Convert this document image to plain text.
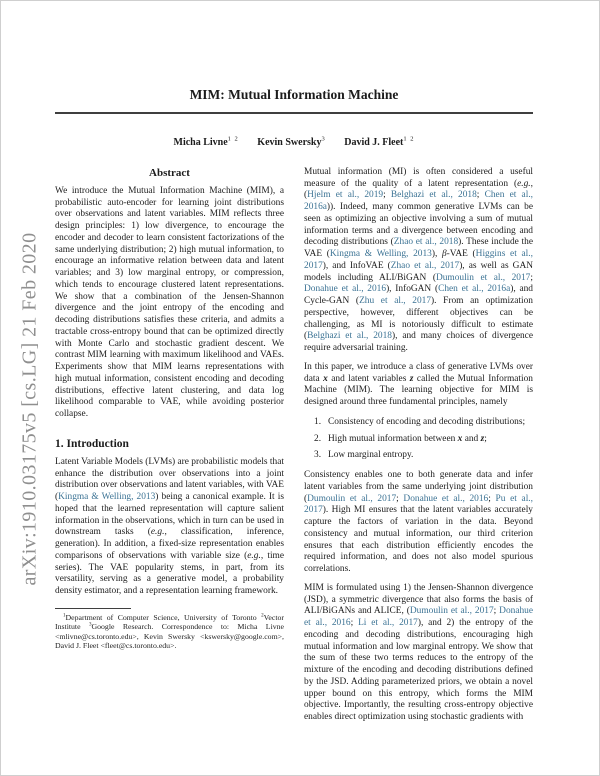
arXiv:1910.03175v5 [cs.LG] 21 Feb 2020
MIM: Mutual Information Machine
Micha Livne$^{1 2}$ Kevin Swersky$^3$ David J. Fleet$^{1 2}$
Abstract

We introduce the Mutual Information Machine (MIM), a probabilistic auto-encoder for learning joint distributions over observations and latent variables. MIM reflects three design principles: 1) low divergence, to encourage the encoder and decoder to learn consistent factorizations of the same underlying distribution; 2) high mutual information, to encourage an informative relation between data and latent variables; and 3) low marginal entropy, or compression, which tends to encourage clustered latent representations. We show that a combination of the Jensen-Shannon divergence and the joint entropy of the encoding and decoding distributions satisfies these criteria, and admits a tractable cross-entropy bound that can be optimized directly with Monte Carlo and stochastic gradient descent. We contrast MIM learning with maximum likelihood and VAEs. Experiments show that MIM learns representations with high mutual information, consistent encoding and decoding distributions, effective latent clustering, and data log likelihood comparable to VAE, while avoiding posterior collapse.

1. Introduction

Latent Variable Models (LVMs) are probabilistic models that enhance the distribution over observations into a joint distribution over observations and latent variables, with VAE (Kingma & Welling, 2013) being a canonical example. It is hoped that the learned representation will capture salient information in the observations, which in turn can be used in downstream tasks (e.g., classification, inference, generation). In addition, a fixed-size representation enables comparisons of observations with variable size (e.g., time series). The VAE popularity stems, in part, from its versatility, serving as a generative model, a probability density estimator, and a representation learning framework.

$^1$Department of Computer Science, University of Toronto $^2$Vector Institute $^3$Google Research. Correspondence to: Micha Livne <mlivne@cs.toronto.edu>, Kevin Swersky <kswersky@google.com>, David J. Fleet <fleet@cs.toronto.edu>.

Mutual information (MI) is often considered a useful measure of the quality of a latent representation (e.g., (Hjelm et al., 2019; Belghazi et al., 2018; Chen et al., 2016a)). Indeed, many common generative LVMs can be seen as optimizing an objective involving a sum of mutual information terms and a divergence between encoding and decoding distributions (Zhao et al., 2018). These include the VAE (Kingma & Welling, 2013), β-VAE (Higgins et al., 2017), and InfoVAE (Zhao et al., 2017), as well as GAN models including ALI/BiGAN (Dumoulin et al., 2017; Donahue et al., 2016), InfoGAN (Chen et al., 2016a), and Cycle-GAN (Zhu et al., 2017). From an optimization perspective, however, different objectives can be challenging, as MI is notoriously difficult to estimate (Belghazi et al., 2018), and many choices of divergence require adversarial training.

In this paper, we introduce a class of generative LVMs over data x and latent variables z called the Mutual Information Machine (MIM). The learning objective for MIM is designed around three fundamental principles, namely

1. Consistency of encoding and decoding distributions;
2. High mutual information between x and z;
3. Low marginal entropy.

Consistency enables one to both generate data and infer latent variables from the same underlying joint distribution (Dumoulin et al., 2017; Donahue et al., 2016; Pu et al., 2017). High MI ensures that the latent variables accurately capture the factors of variation in the data. Beyond consistency and mutual information, our third criterion ensures that each distribution efficiently encodes the required information, and does not also model spurious correlations.

MIM is formulated using 1) the Jensen-Shannon divergence (JSD), a symmetric divergence that also forms the basis of ALI/BiGANs and ALICE, (Dumoulin et al., 2017; Donahue et al., 2016; Li et al., 2017), and 2) the entropy of the encoding and decoding distributions, encouraging high mutual information and low marginal entropy. We show that the sum of these two terms reduces to the entropy of the mixture of the encoding and decoding distributions defined by the JSD. Adding parameterized priors, we obtain a novel upper bound on this entropy, which forms the MIM objective. Importantly, the resulting cross-entropy objective enables direct optimization using stochastic gradients with
